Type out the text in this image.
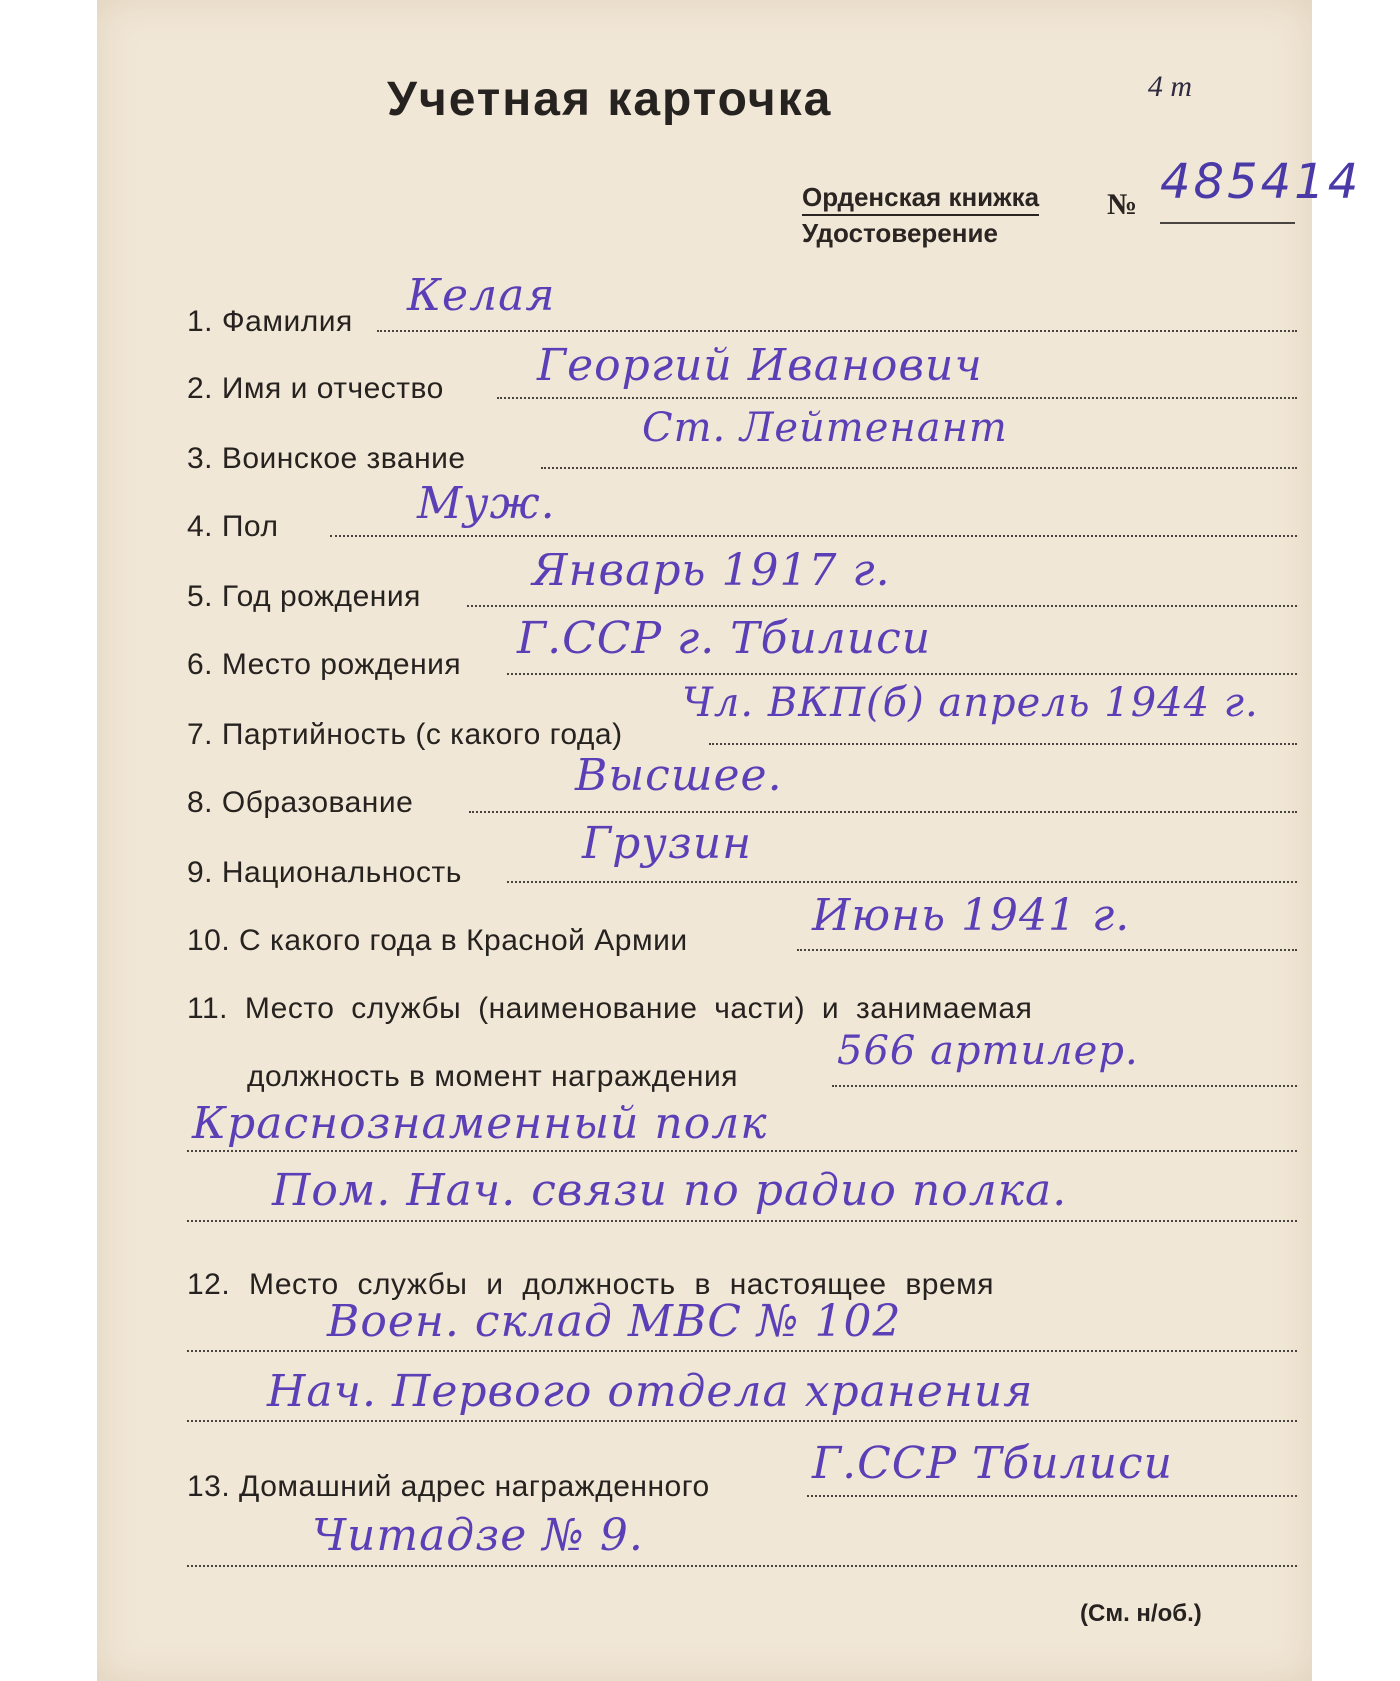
Учетная карточка	4 т
Орденская книжка
Удостоверение
№ 485414
1. Фамилия
Келая
2. Имя и отчество Георгий Иванович
3. Воинское звание
Ст. Лейтенант
4. Пол	Муж.
5. Год рождения
Январь 1917 г.
6. Место рождения
Г.ССР г. Тбилиси
7. Партийность (с какого года)
Чл. ВКП(б) апрель 1944 г.
8. Образование
Высшее.
9. Национальность
Грузин
10. С какого года в Красной Армии	Июнь 1941 г.
11. Место службы (наименование части) и занимаемая
должность в момент награждения
566 артилер.
Краснознаменный полк
Пом. Нач. связи по радио полка.
12. Место службы и должность в настоящее время
Воен. склад МВС № 102
Нач. Первого отдела хранения
13. Домашний адрес награжденного Г.ССР Тбилиси
Читадзе № 9.
(См. н/об.)
